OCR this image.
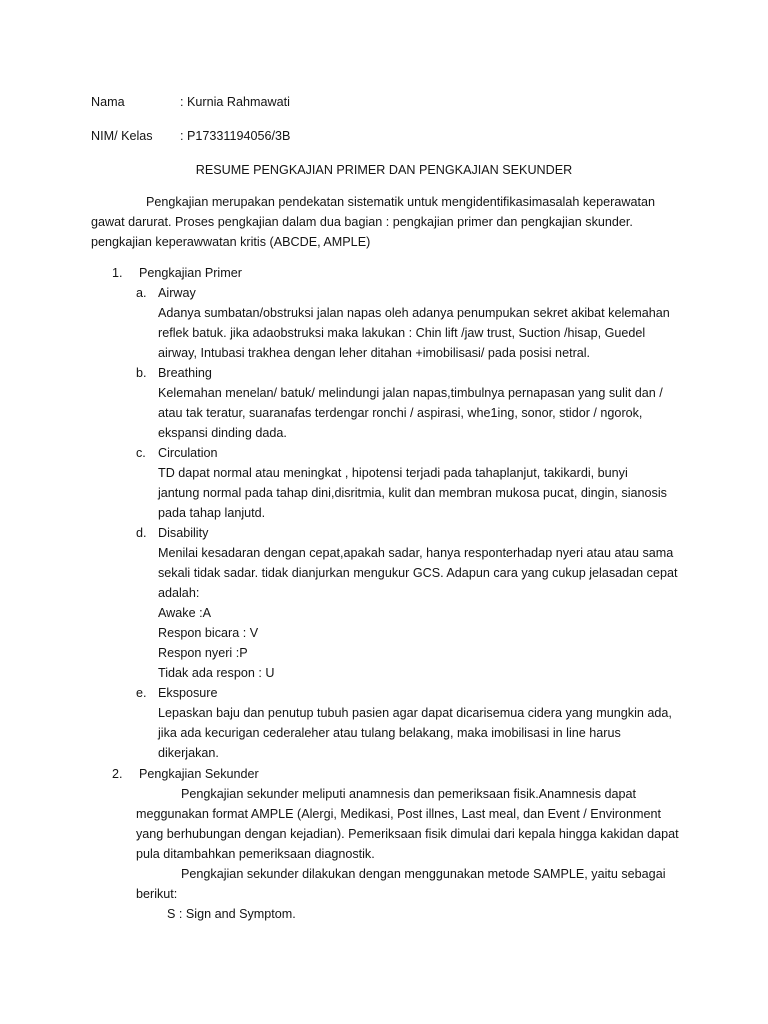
Nama	: Kurnia Rahmawati
NIM/ Kelas : P17331194056/3B
RESUME PENGKAJIAN PRIMER DAN PENGKAJIAN SEKUNDER
Pengkajian merupakan pendekatan sistematik untuk mengidentifikasimasalah keperawatan
gawat darurat. Proses pengkajian dalam dua bagian : pengkajian primer dan pengkajian skunder.
pengkajian keperawwatan kritis (ABCDE, AMPLE)
1. Pengkajian Primer
a. Airway
Adanya sumbatan/obstruksi jalan napas oleh adanya penumpukan sekret akibat kelemahan
reflek batuk. jika adaobstruksi maka lakukan : Chin lift /jaw trust, Suction /hisap, Guedel
airway, Intubasi trakhea dengan leher ditahan +imobilisasi/ pada posisi netral.
b. Breathing
Kelemahan menelan/ batuk/ melindungi jalan napas,timbulnya pernapasan yang sulit dan /
atau tak teratur, suaranafas terdengar ronchi / aspirasi, whe1ing, sonor, stidor / ngorok,
ekspansi dinding dada.
c. Circulation
TD dapat normal atau meningkat , hipotensi terjadi pada tahaplanjut, takikardi, bunyi
jantung normal pada tahap dini,disritmia, kulit dan membran mukosa pucat, dingin, sianosis
pada tahap lanjutd.
d. Disability
Menilai kesadaran dengan cepat,apakah sadar, hanya responterhadap nyeri atau atau sama
sekali tidak sadar. tidak dianjurkan mengukur GCS. Adapun cara yang cukup jelasadan cepat
adalah:
Awake :A
Respon bicara : V
Respon nyeri :P
Tidak ada respon : U
e. Eksposure
Lepaskan baju dan penutup tubuh pasien agar dapat dicarisemua cidera yang mungkin ada,
jika ada kecurigan cederaleher atau tulang belakang, maka imobilisasi in line harus
dikerjakan.
2. Pengkajian Sekunder
Pengkajian sekunder meliputi anamnesis dan pemeriksaan fisik.Anamnesis dapat
meggunakan format AMPLE (Alergi, Medikasi, Post illnes, Last meal, dan Event / Environment
yang berhubungan dengan kejadian). Pemeriksaan fisik dimulai dari kepala hingga kakidan dapat
pula ditambahkan pemeriksaan diagnostik.
Pengkajian sekunder dilakukan dengan menggunakan metode SAMPLE, yaitu sebagai
berikut:
S : Sign and Symptom.
